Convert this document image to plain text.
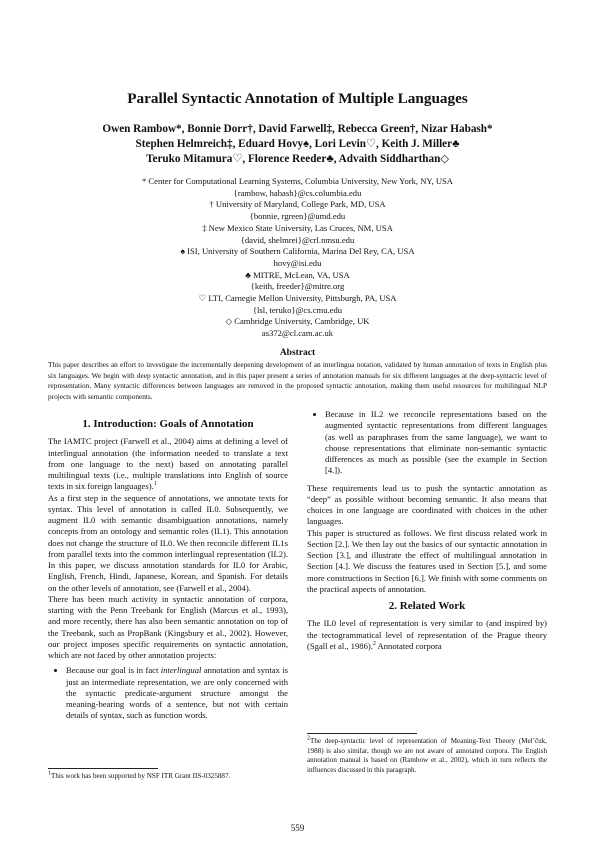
Parallel Syntactic Annotation of Multiple Languages
Owen Rambow*, Bonnie Dorr†, David Farwell‡, Rebecca Green†, Nizar Habash*
Stephen Helmreich‡, Eduard Hovy♠, Lori Levin♡, Keith J. Miller♣
Teruko Mitamura♡, Florence Reeder♣, Advaith Siddharthan◇
* Center for Computational Learning Systems, Columbia University, New York, NY, USA
{rambow, habash}@cs.columbia.edu
† University of Maryland, College Park, MD, USA
{bonnie, rgreen}@umd.edu
‡ New Mexico State University, Las Cruces, NM, USA
{david, shelmrei}@crl.nmsu.edu
♠ ISI, University of Southern California, Marina Del Rey, CA, USA
hovy@isi.edu
♣ MITRE, McLean, VA, USA
{keith, freeder}@mitre.org
♡ LTI, Carnegie Mellon University, Pittsburgh, PA, USA
{lsl, teruko}@cs.cmu.edu
◇ Cambridge University, Cambridge, UK
as372@cl.cam.ac.uk
Abstract
This paper describes an effort to investigate the incrementally deepening development of an interlingua notation, validated by human annotation of texts in English plus six languages. We begin with deep syntactic annotation, and in this paper present a series of annotation manuals for six different languages at the deep-syntactic level of representation. Many syntactic differences between languages are removed in the proposed syntactic annotation, making them useful resources for multilingual NLP projects with semantic components.
1. Introduction: Goals of Annotation

The IAMTC project (Farwell et al., 2004) aims at defining a level of interlingual annotation (the information needed to translate a text from one language to the next) based on annotating parallel multilingual texts (i.e., multiple translations into English of source texts in six foreign languages).$^1$

As a first step in the sequence of annotations, we annotate texts for syntax. This level of annotation is called IL0. Subsequently, we augment IL0 with semantic disambiguation annotations, namely concepts from an ontology and semantic roles (IL1). This annotation does not change the structure of IL0. We then reconcile different IL1s from parallel texts into the common interlingual representation (IL2). In this paper, we discuss annotation standards for IL0 for Arabic, English, French, Hindi, Japanese, Korean, and Spanish. For details on the other levels of annotation, see (Farwell et al., 2004).

There has been much activity in syntactic annotation of corpora, starting with the Penn Treebank for English (Marcus et al., 1993), and more recently, there has also been semantic annotation on top of the Treebank, such as PropBank (Kingsbury et al., 2002). However, our project imposes specific requirements on syntactic annotation, which are not faced by other annotation projects:

• Because our goal is in fact interlingual annotation and syntax is just an intermediate representation, we are only concerned with the syntactic predicate-argument structure amongst the meaning-bearing words of a sentence, but not with certain details of syntax, such as function words.
• Because in IL2 we reconcile representations based on the augmented syntactic representations from different languages (as well as paraphrases from the same language), we want to choose representations that eliminate non-semantic syntactic differences as much as possible (see the example in Section [4.]).

These requirements lead us to push the syntactic annotation as “deep” as possible without becoming semantic. It also means that choices in one language are coordinated with choices in the other languages.

This paper is structured as follows. We first discuss related work in Section [2.]. We then lay out the basics of our syntactic annotation in Section [3.], and illustrate the effect of multilingual annotation in Section [4.]. We discuss the features used in Section [5.], and some more constructions in Section [6.]. We finish with some comments on the practical aspects of annotation.

2. Related Work

The IL0 level of representation is very similar to (and inspired by) the tectogrammatical level of representation of the Prague theory (Sgall et al., 1986).$^2$ Annotated corpora

$^1$This work has been supported by NSF ITR Grant IIS-0325887.
$^2$The deep-syntactic level of representation of Meaning-Text Theory (Mel’čuk, 1988) is also similar, though we are not aware of annotated corpora. The English annotation manual is based on (Rambow et al., 2002), which in turn reflects the influences discussed in this paragraph.
559
